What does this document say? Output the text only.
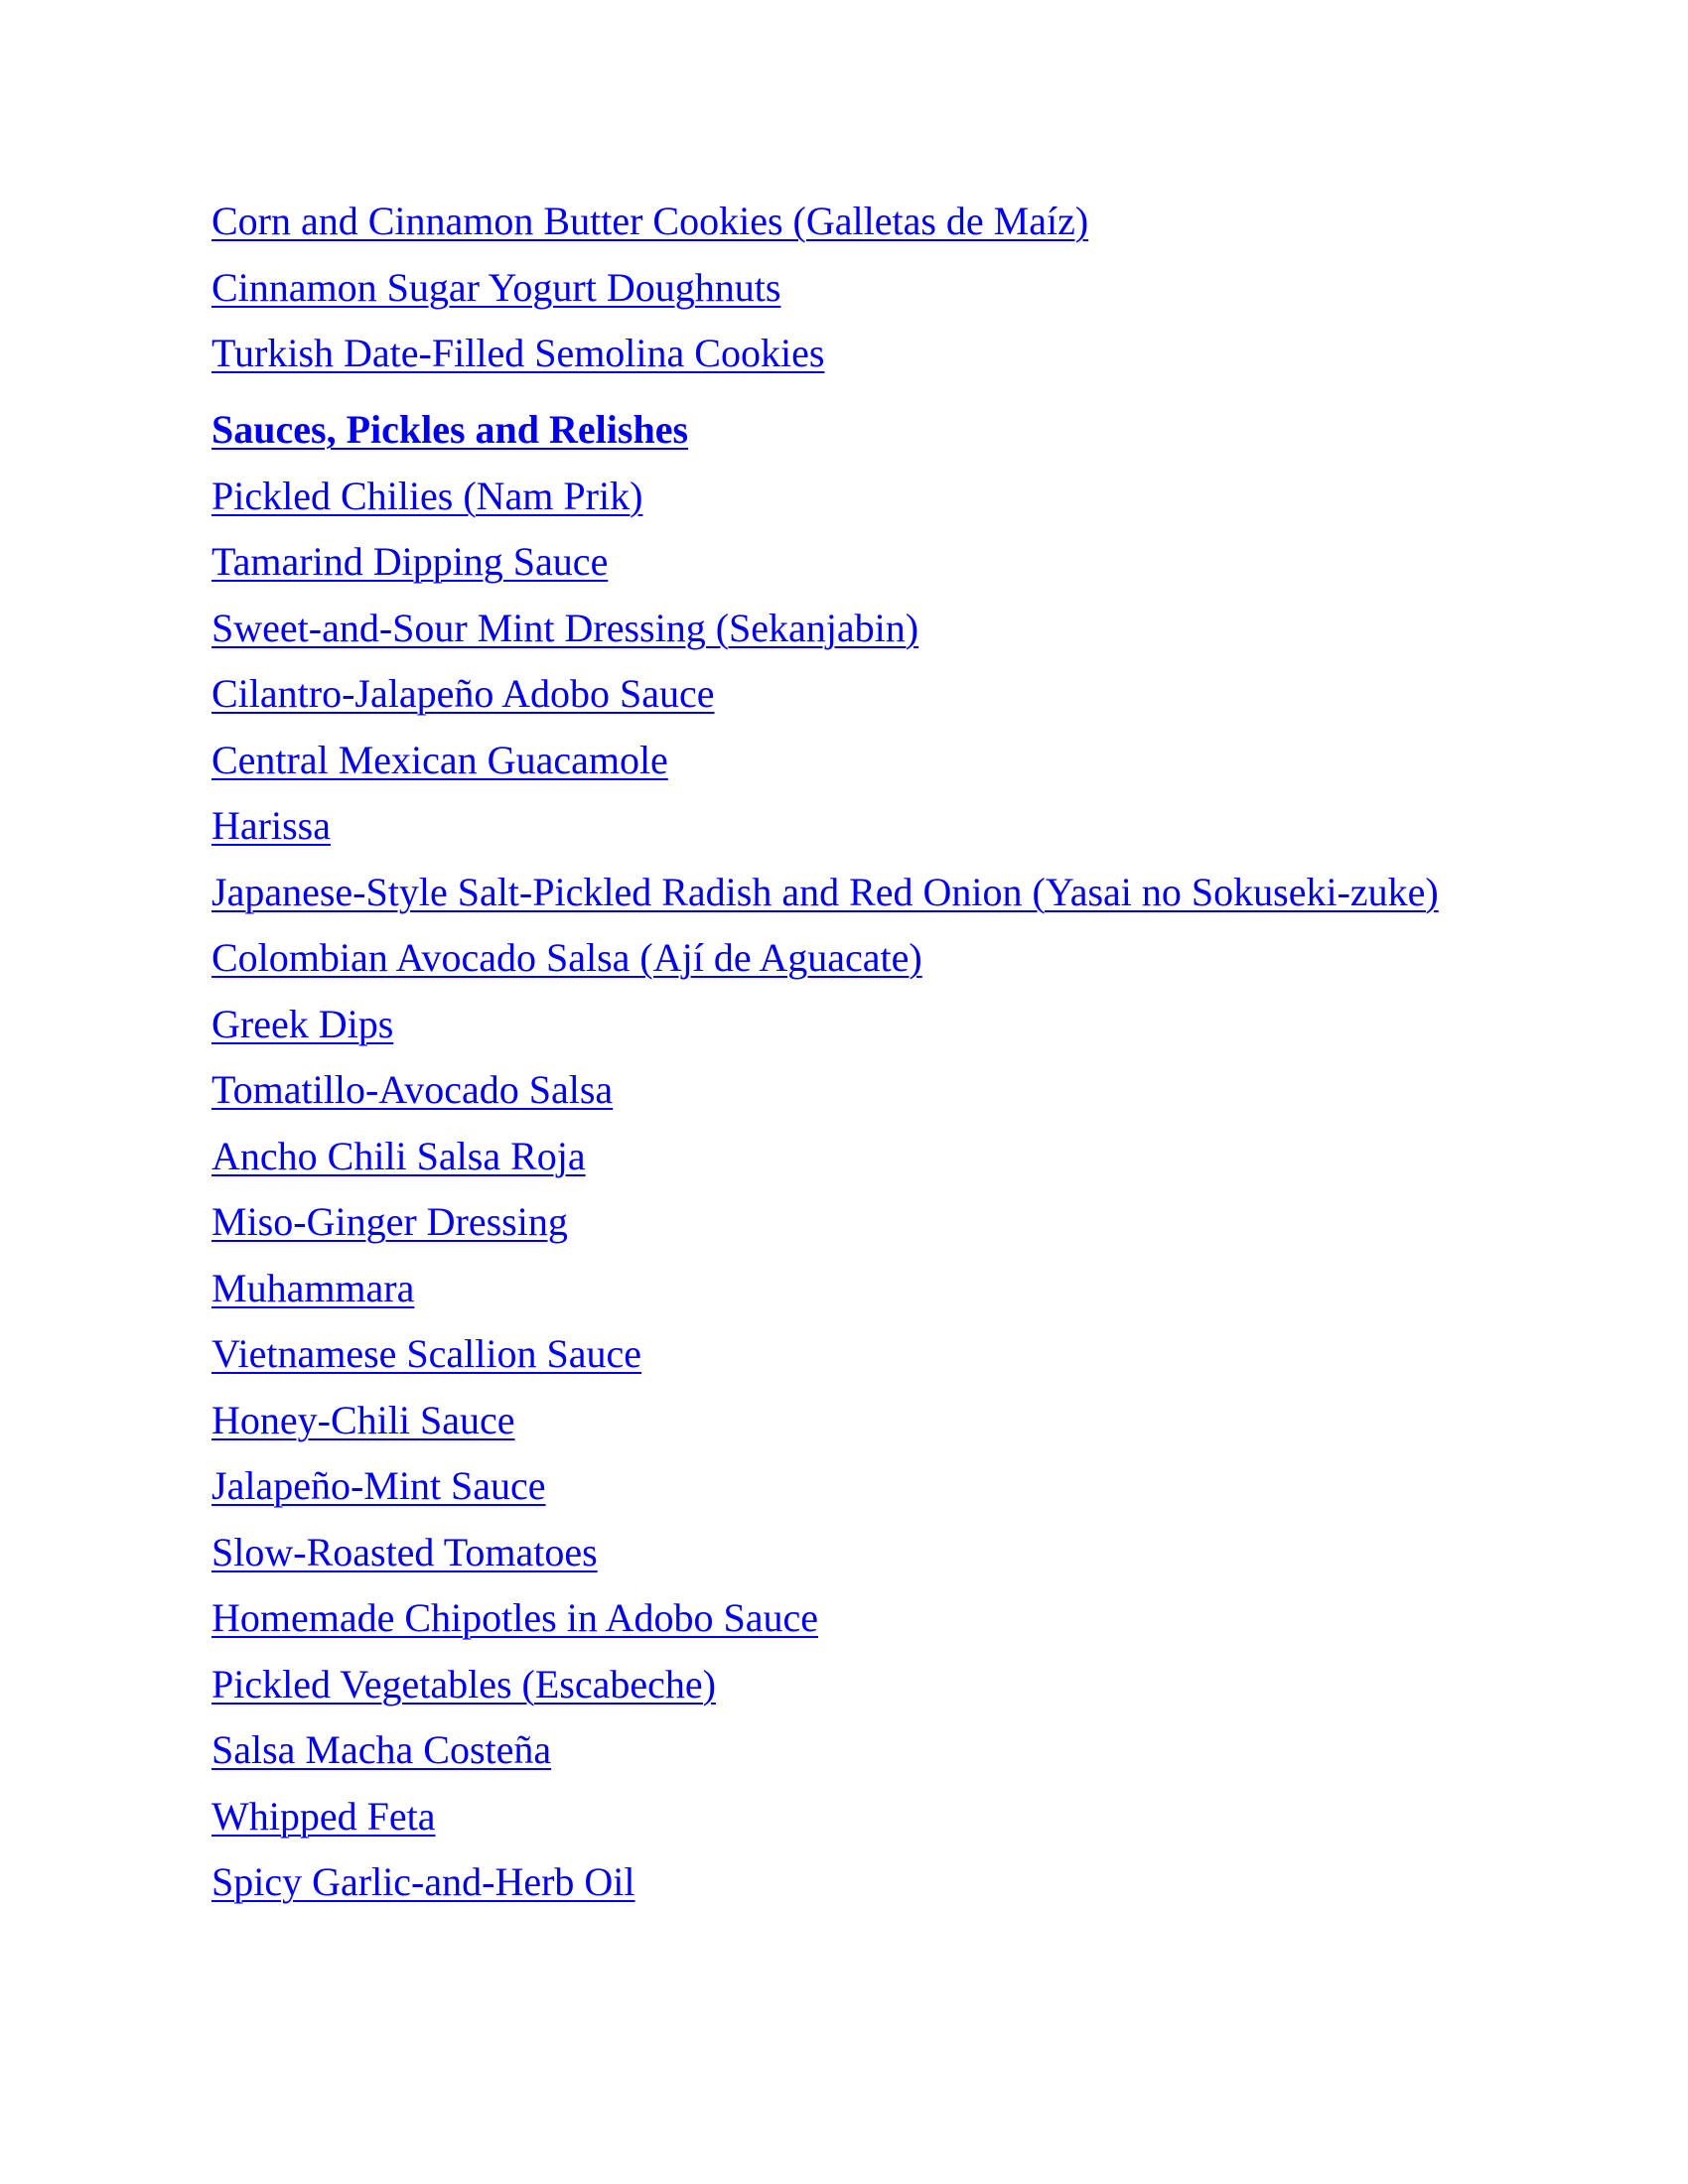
Corn and Cinnamon Butter Cookies (Galletas de Maíz)
Cinnamon Sugar Yogurt Doughnuts
Turkish Date-Filled Semolina Cookies
Sauces, Pickles and Relishes
Pickled Chilies (Nam Prik)
Tamarind Dipping Sauce
Sweet-and-Sour Mint Dressing (Sekanjabin)
Cilantro-Jalapeño Adobo Sauce
Central Mexican Guacamole
Harissa
Japanese-Style Salt-Pickled Radish and Red Onion (Yasai no Sokuseki-zuke)
Colombian Avocado Salsa (Ají de Aguacate)
Greek Dips
Tomatillo-Avocado Salsa
Ancho Chili Salsa Roja
Miso-Ginger Dressing
Muhammara
Vietnamese Scallion Sauce
Honey-Chili Sauce
Jalapeño-Mint Sauce
Slow-Roasted Tomatoes
Homemade Chipotles in Adobo Sauce
Pickled Vegetables (Escabeche)
Salsa Macha Costeña
Whipped Feta
Spicy Garlic-and-Herb Oil
